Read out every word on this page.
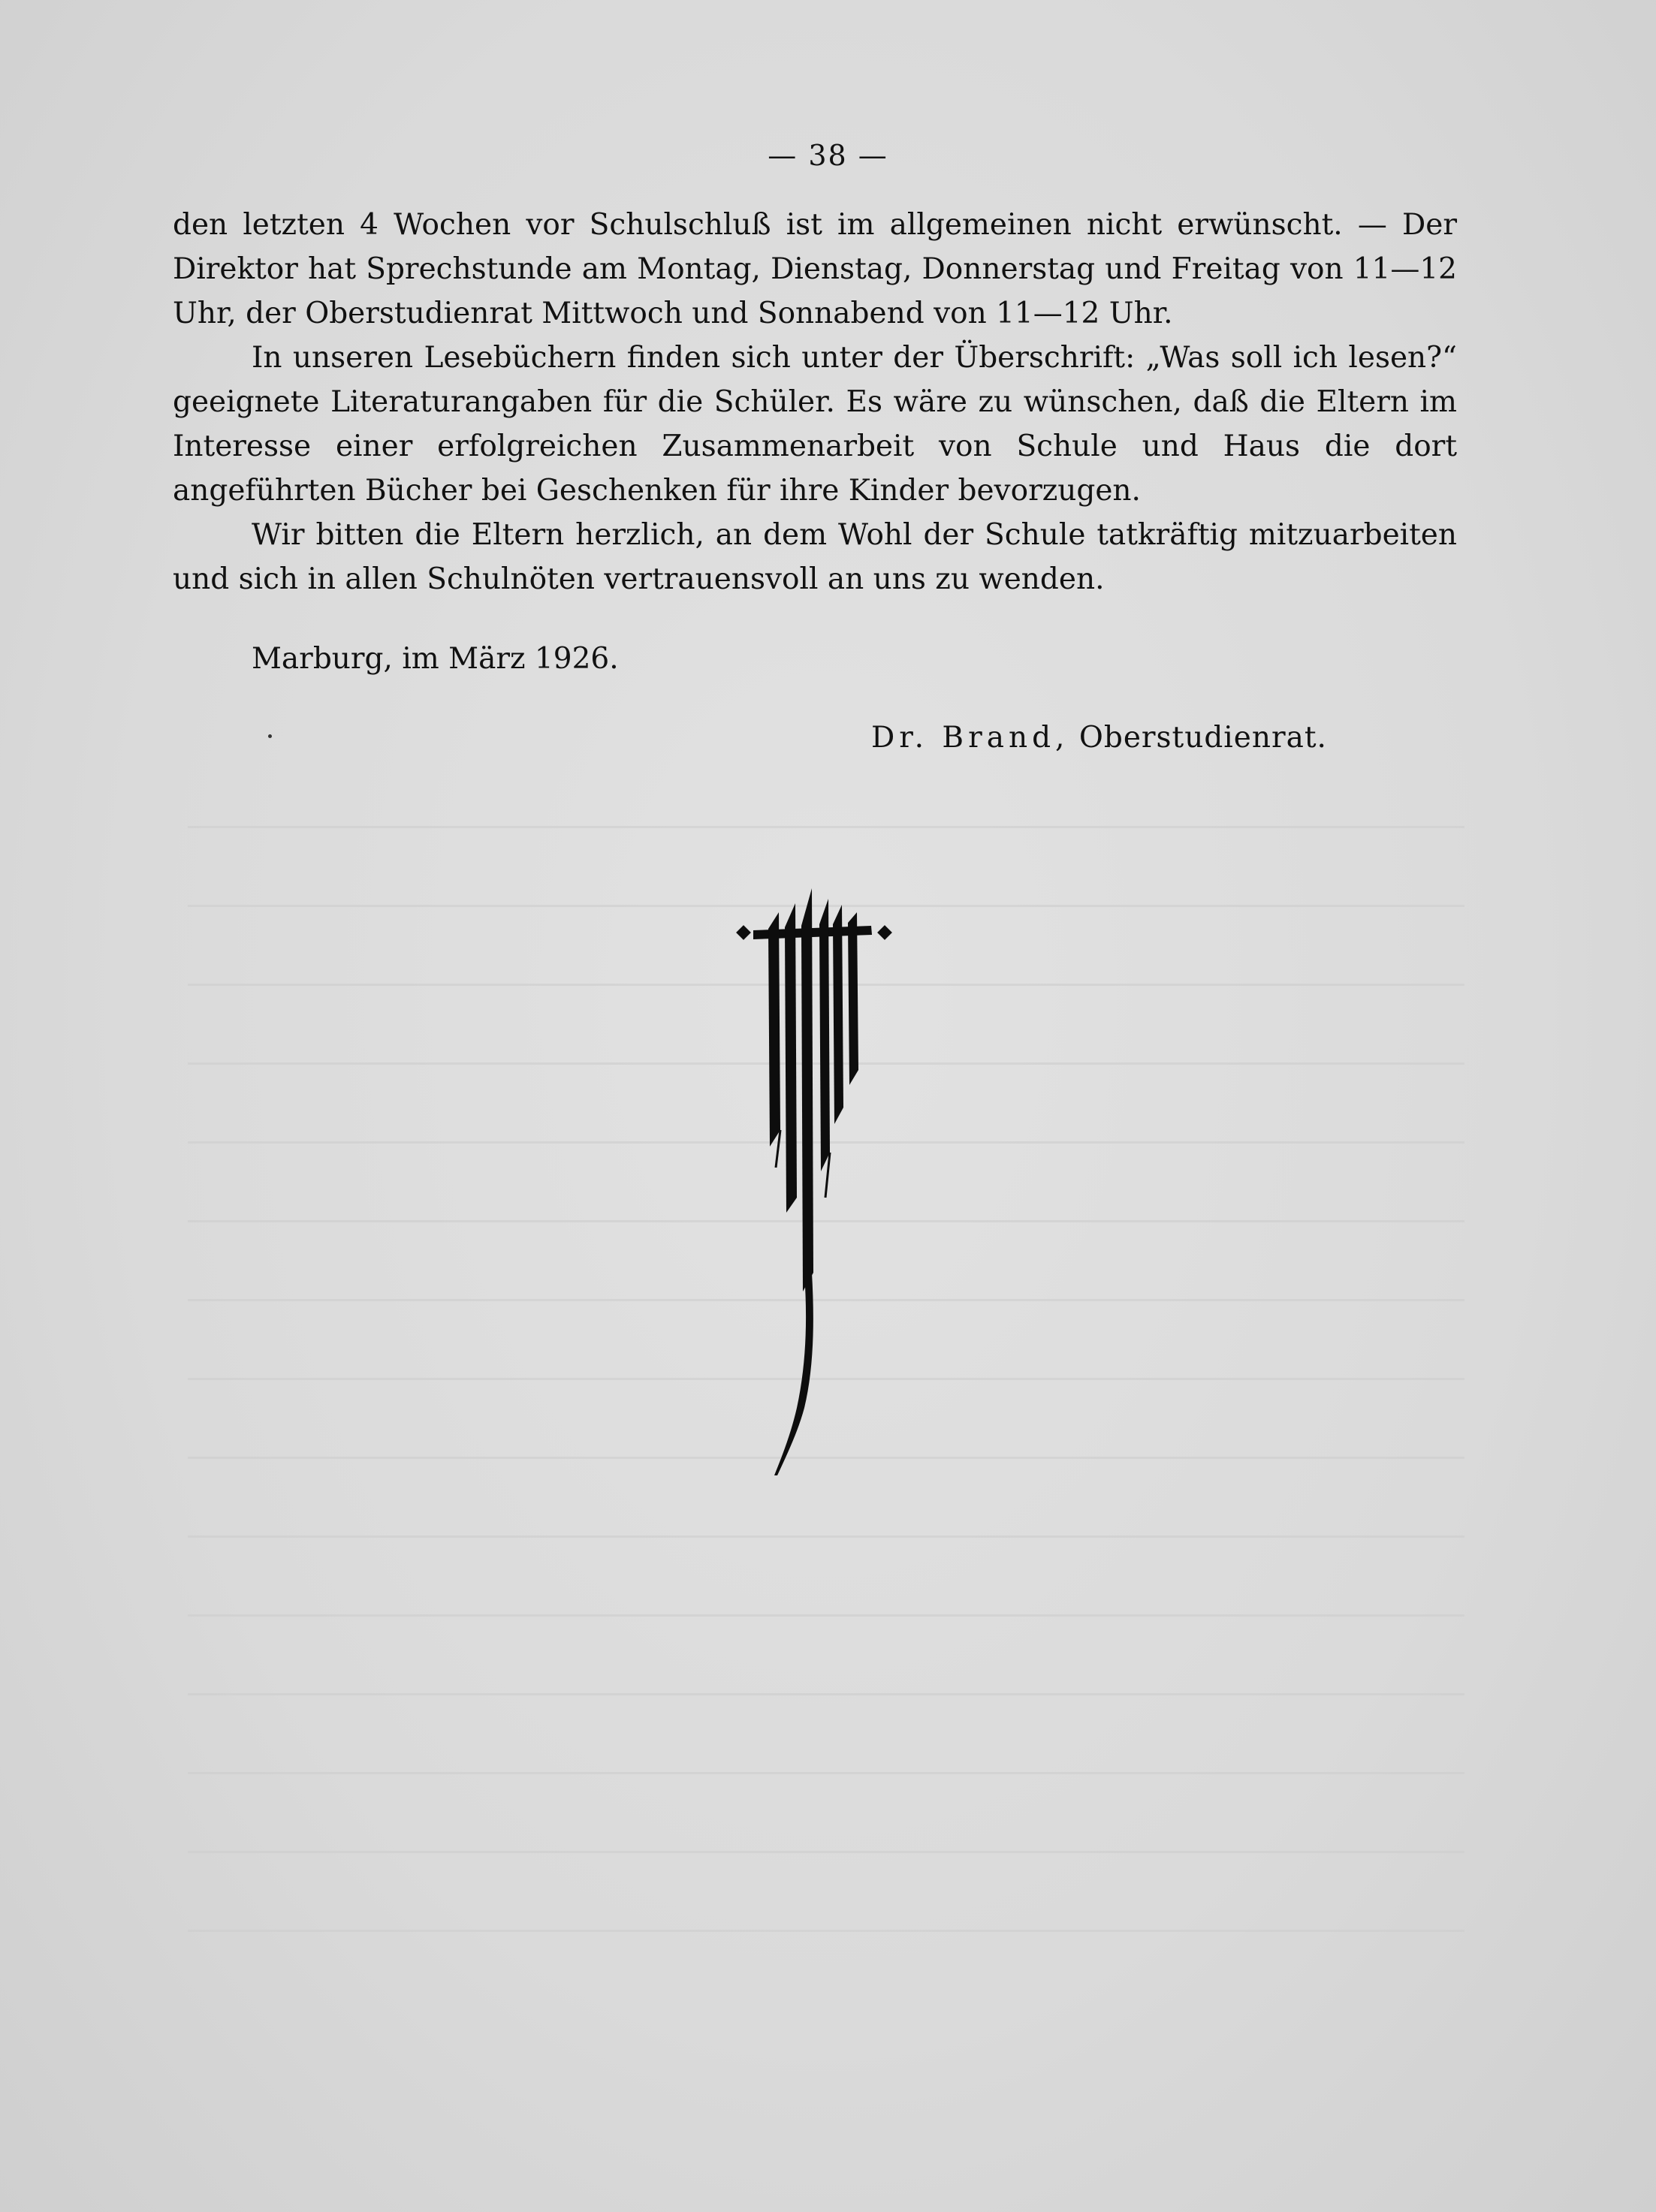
— 38 —

den letzten 4 Wochen vor Schulschluß ist im allgemeinen nicht erwünscht. — Der Direktor hat Sprechstunde am Montag, Dienstag, Donnerstag und Freitag von 11—12 Uhr, der Oberstudienrat Mittwoch und Sonnabend von 11—12 Uhr.

In unseren Lesebüchern finden sich unter der Überschrift: „Was soll ich lesen?“ geeignete Literaturangaben für die Schüler. Es wäre zu wünschen, daß die Eltern im Interesse einer erfolgreichen Zusammenarbeit von Schule und Haus die dort angeführten Bücher bei Geschenken für ihre Kinder bevorzugen.

Wir bitten die Eltern herzlich, an dem Wohl der Schule tatkräftig mitzuarbeiten und sich in allen Schulnöten vertrauensvoll an uns zu wenden.

Marburg, im März 1926.
Dr. Brand, Oberstudienrat.
